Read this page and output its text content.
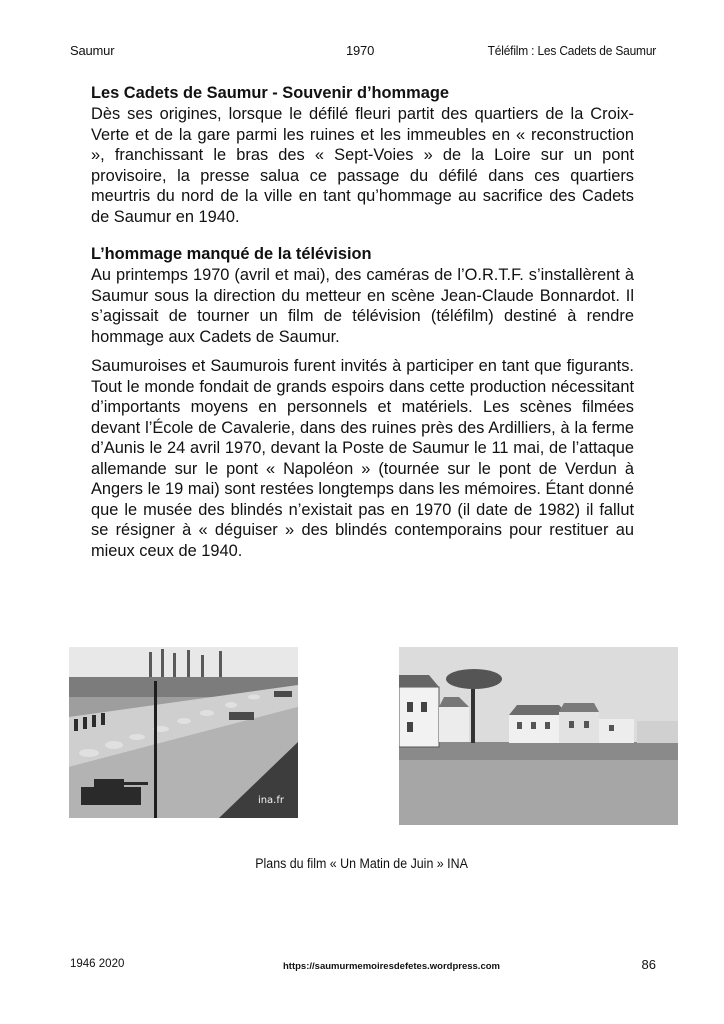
Saumur	1970	Téléfilm : Les Cadets de Saumur
Les Cadets de Saumur - Souvenir d’hommage

Dès ses origines, lorsque le défilé fleuri partit des quartiers de la Croix-Verte et de la gare parmi les ruines et les immeubles en « reconstruction », franchissant le bras des « Sept-Voies » de la Loire sur un pont provisoire, la presse salua ce passage du défilé dans ces quartiers meurtris du nord de la ville en tant qu’hommage au sacrifice des Cadets de Saumur en 1940.

L’hommage manqué de la télévision

Au printemps 1970 (avril et mai), des caméras de l’O.R.T.F. s’installèrent à Saumur sous la direction du metteur en scène Jean-Claude Bonnardot. Il s’agissait de tourner un film de télévision (téléfilm) destiné à rendre hommage aux Cadets de Saumur.

Saumuroises et Saumurois furent invités à participer en tant que figurants. Tout le monde fondait de grands espoirs dans cette production nécessitant d’importants moyens en personnels et matériels. Les scènes filmées devant l’École de Cavalerie, dans des ruines près des Ardilliers, à la ferme d’Aunis le 24 avril 1970, devant la Poste de Saumur le 11 mai, de l’attaque allemande sur le pont « Napoléon » (tournée sur le pont de Verdun à Angers le 19 mai) sont restées longtemps dans les mémoires. Étant donné que le musée des blindés n’existait pas en 1970 (il date de 1982) il fallut se résigner à « déguiser » des blindés contemporains pour restituer au mieux ceux de 1940.

ina.fr
Plans du film « Un Matin de Juin » INA
1946 2020	https://saumurmemoiresdefetes.wordpress.com	86
